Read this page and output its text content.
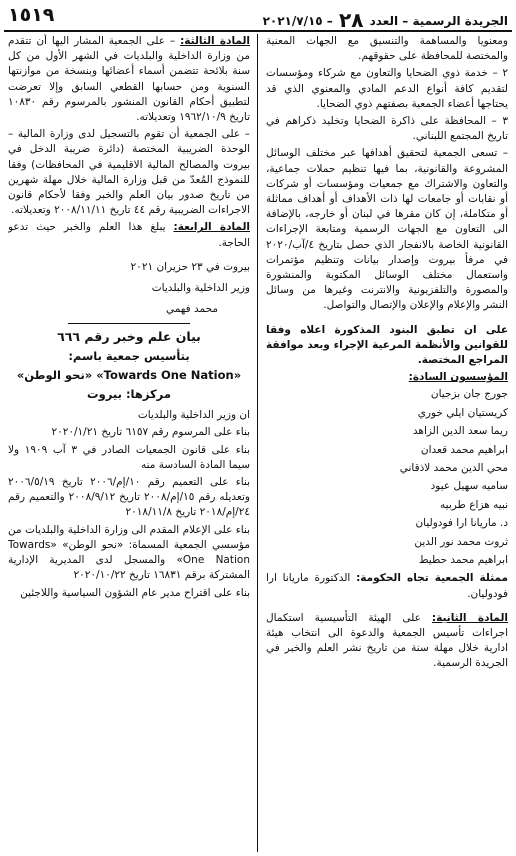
الجريدة الرسمية – العدد ٢٨ – ٢٠٢١/٧/١٥
١٥١٩

ومعنويا والمساهمة والتنسيق مع الجهات المعنية والمختصة للمحافظة على حقوقهم.

٢ – خدمة ذوي الضحايا والتعاون مع شركاء ومؤسسات لتقديم كافة أنواع الدعم المادي والمعنوي الذي قد يحتاجها أعضاء الجمعية بصفتهم ذوي الضحايا.

٣ – المحافظة على ذاكرة الضحايا وتخليد ذكراهم في تاريخ المجتمع اللبناني.

– تسعى الجمعية لتحقيق أهدافها عبر مختلف الوسائل المشروعة والقانونية، بما فيها تنظيم حملات جماعية، والتعاون والاشتراك مع جمعيات ومؤسسات أو شركات أو نقابات أو جامعات لها ذات الأهداف أو أهداف مماثلة أو متكاملة، إن كان مقرها في لبنان أو خارجه، بالإضافة الى التعاون مع الجهات الرسمية ومتابعة الإجراءات القانونية الخاصة بالانفجار الذي حصل بتاريخ ٤/آب/٢٠٢٠ في مرفأ بيروت وإصدار بيانات وتنظيم مؤتمرات واستعمال مختلف الوسائل المكتوبة والمنشورة والمصورة والتلفزيونية والانترنت وغيرها من وسائل النشر والإعلام والإعلان والإتصال والتواصل.

على ان تطبق البنود المذكورة اعلاه وفقا للقوانين والأنظمة المرعية الإجراء وبعد موافقة المراجع المختصة.

المؤسسون السادة:

جورج جان بزجيان
كريستيان ايلي خوري
ريما سعد الدين الزاهد
ابراهيم محمد قعدان
محي الدين محمد لاذقاني
ساميه سهيل عيود
نبيه هزاع طربيه
د. ماريانا ارا فودوليان
ثروت محمد نور الدين
ابراهيم محمد حطيط

ممثلة الجمعية تجاه الحكومة: الدكتورة ماريانا ارا فودوليان.

المادة الثانية: على الهيئة التأسيسية استكمال اجراءات تأسيس الجمعية والدعوة الى انتخاب هيئة ادارية خلال مهلة سنة من تاريخ نشر العلم والخبر في الجريدة الرسمية.

المادة الثالثة: – على الجمعية المشار اليها أن تتقدم من وزارة الداخلية والبلديات في الشهر الأول من كل سنة بلائحة تتضمن أسماء أعضائها وبنسخة من موازنتها السنوية ومن حسابها القطعي السابق وإلا تعرضت لتطبيق أحكام القانون المنشور بالمرسوم رقم ١٠٨٣٠ تاريخ ١٩٦٢/١٠/٩ وتعديلاته.

– على الجمعية أن تقوم بالتسجيل لدى وزارة المالية – الوحدة الضريبية المختصة (دائرة ضريبة الدخل في بيروت والمصالح المالية الاقليمية في المحافظات) وفقا للنموذج المُعدّ من قبل وزارة المالية خلال مهلة شهرين من تاريخ صدور بيان العلم والخبر وفقا لأحكام قانون الاجراءات الضريبية رقم ٤٤ تاريخ ٢٠٠٨/١١/١١ وتعديلاته.

المادة الرابعة: يبلغ هذا العلم والخبر حيث تدعو الحاجة.

بيروت في ٢٣ حزيران ٢٠٢١
وزير الداخلية والبلديات
محمد فهمي
بيان علم وخبر رقم ٦٦٦
بتأسيس جمعية باسم:
«Towards One Nation» «نحو الوطن»
مركزها: بيروت

ان وزير الداخلية والبلديات

بناء على المرسوم رقم ٦١٥٧ تاريخ ٢٠٢٠/١/٢١

بناء على قانون الجمعيات الصادر في ٣ آب ١٩٠٩ ولا سيما المادة السادسة منه

بناء على التعميم رقم ١٠/إم/٢٠٠٦ تاريخ ٢٠٠٦/٥/١٩ وتعديله رقم ١٥/إم/٢٠٠٨ تاريخ ٢٠٠٨/٩/١٢ والتعميم رقم ٢٤/إم/٢٠١٨ تاريخ ٢٠١٨/١١/٨

بناء على الإعلام المقدم الى وزارة الداخلية والبلديات من مؤسسي الجمعية المسماة: «نحو الوطن» «Towards One Nation» والمسجل لدى المديرية الإدارية المشتركة برقم ١٦٨٣١ تاريخ ٢٠٢٠/١٠/٢٢

بناء على اقتراح مدير عام الشؤون السياسية واللاجئين
